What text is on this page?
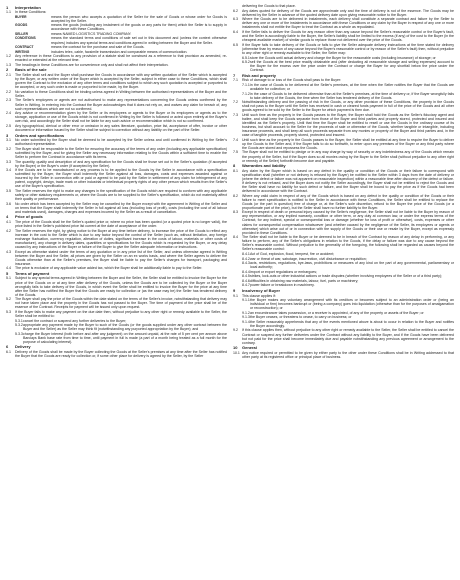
1	Interpretation
1.1	In these Conditions:
BUYER	means the person who accepts a quotation of the Seller for the sale of Goods or whose order for Goods is accepted by the Seller.
GOODS	means the goods (including any instalment of the goods or any parts for them) which the Seller is to supply in accordance with these Conditions.
SELLER	means NAMED LOGISTICS TRADING COMPANY.
CONDITIONS	means the standard terms and conditions of sale set out in this document and (unless the context otherwise requires) includes any special terms and conditions agreed in writing between the Buyer and the Seller.
CONTRACT	means the contract for the purchase and sale of the Goods.
WRITING	includes telex, cable, facsimile transmission and comparable means of communication.
1.2	Any reference in these Conditions to any provision of a statute shall be construed as a reference to that provision as amended, re-enacted or extended at the relevant time.
1.3	The headings in these Conditions are for convenience only and shall not affect their interpretation.
2	Basis of the sale
2.1	The Seller shall sell and the Buyer shall purchase the Goods in accordance with any written quotation of the Seller which is accepted by the Buyer, or any written order of the Buyer which is accepted by the Seller, subject in either case to these Conditions, which shall govern the Contract to the exclusion of any other terms and conditions subject to which any such quotation is accepted or purported to be accepted, or any such order is made or purported to be made, by the Buyer.
2.2	No variation to these Conditions shall be binding unless agreed in Writing between the authorised representatives of the Buyer and the Seller.
2.3	The Seller's employees or agents are not authorised to make any representations concerning the Goods unless confirmed by the Seller in Writing. In entering into the Contract the Buyer acknowledges that it does not rely on, and waives any claim for breach of, any such representations which are not so confirmed.
2.4	Any advice or recommendation given by the Seller or its employees or agents to the Buyer or its employees or agents as to the storage, application or use of the Goods which is not confirmed in Writing by the Seller is followed or acted upon entirely at the Buyer's own risk, and accordingly the Seller shall not be liable for any such advice or recommendation which is not so confirmed.
2.5	Any typographical, clerical or other error or omission in any sales literature, quotation, price list, acceptance of offer, invoice or other document or information issued by the Seller shall be subject to correction without any liability on the part of the Seller.
3	Orders and specifications
3.1	No order submitted by the Buyer shall be deemed to be accepted by the Seller unless and until confirmed in Writing by the Seller's authorised representative.
3.2	The Buyer shall be responsible to the Seller for ensuring the accuracy of the terms of any order (including any applicable specification) submitted by the Buyer, and for giving the Seller any necessary information relating to the Goods within a sufficient time to enable the Seller to perform the Contract in accordance with its terms.
3.3	The quantity, quality and description of and any specification for the Goods shall be those set out in the Seller's quotation (if accepted by the Buyer) or the Buyer's order (if accepted by the Seller).
3.4	If the Goods are to be manufactured or any process is to be applied to the Goods by the Seller in accordance with a specification submitted by the Buyer, the Buyer shall indemnify the Seller against all loss, damages, costs and expenses awarded against or incurred by the Seller in connection with or paid or agreed to be paid by the Seller in settlement of any claim for infringement of any patent, copyright, design, trade mark or other industrial or intellectual property rights of any other person which results from the Seller's use of the Buyer's specification.
3.5	The Seller reserves the right to make any changes in the specification of the Goods which are required to conform with any applicable safety or other statutory requirements or, where the Goods are to be supplied to the Seller's specification, which do not materially affect their quality or performance.
3.6	No order which has been accepted by the Seller may be cancelled by the Buyer except with the agreement in Writing of the Seller and on terms that the Buyer shall indemnify the Seller in full against all loss (including loss of profit), costs (including the cost of all labour and materials used), damages, charges and expenses incurred by the Seller as a result of cancellation.
4	Price of goods
4.1	The price of the Goods shall be the Seller's quoted price or, where no price has been quoted (or a quoted price is no longer valid), the price listed in the Seller's published price list current at the date of acceptance of the order.
4.2	The Seller reserves the right, by giving notice to the Buyer at any time before delivery, to increase the price of the Goods to reflect any increase in the cost to the Seller which is due to any factor beyond the control of the Seller (such as, without limitation, any foreign exchange fluctuation, currency regulation, alteration of duties, significant increase in the costs of labour, materials or other costs of manufacture), any change in delivery dates, quantities or specifications for the Goods which is requested by the Buyer, or any delay caused by any instructions of the Buyer or failure of the Buyer to give the Seller adequate information or instructions.
4.3	Except as otherwise stated under the terms of any quotation or in any price list of the Seller, and unless otherwise agreed in Writing between the Buyer and the Seller, all prices are given by the Seller on an ex works basis, and where the Seller agrees to deliver the Goods otherwise than at the Seller's premises, the Buyer shall be liable to pay the Seller's charges for transport, packaging and insurance.
4.4	The price is exclusive of any applicable value added tax, which the Buyer shall be additionally liable to pay to the Seller.
5	Terms of payment
5.1	Subject to any special terms agreed in Writing between the Buyer and the Seller, the Seller shall be entitled to invoice the Buyer for the price of the Goods on or at any time after delivery of the Goods, unless the Goods are to be collected by the Buyer or the Buyer wrongfully fails to take delivery of the Goods, in which event the Seller shall be entitled to invoice the Buyer for the price at any time after the Seller has notified the Buyer that the Goods are ready for collection or (as the case may be) the Seller has tendered delivery of the Goods.
5.2	The Buyer shall pay the price of the Goods within the date stated on the terms of the Seller's invoice, notwithstanding that delivery may not have taken place and the property in the Goods has not passed to the Buyer. The time of payment of the price shall be of the essence of the Contract. Receipts for payment will be issued only upon request.
5.3	If the Buyer fails to make any payment on the due date then, without prejudice to any other right or remedy available to the Seller, the Seller shall be entitled to:
5.3.1 cancel the contract or suspend any further deliveries to the Buyer;
5.3.2 appropriate any payment made by the Buyer to such of the Goods (or the goods supplied under any other contract between the Buyer and the Seller) as the Seller may think fit (notwithstanding any purported appropriation by the Buyer); and
5.3.3 charge the Buyer interest (both before and after any judgment) on the amount unpaid, at the rate of 5 per cent per annum above Barclays Bank base rate from time to time, until payment in full is made (a part of a month being treated as a full month for the purpose of calculating interest).
6	Delivery
6.1	Delivery of the Goods shall be made by the Buyer collecting the Goods at the Seller's premises at any time after the Seller has notified the Buyer that the Goods are ready for collection or, if some other place for delivery is agreed by the Seller, by the Seller
delivering the Goods to that place.
6.2	Any dates quoted for delivery of the Goods are approximate only and the time of delivery is not of the essence. The Goods may be delivered by the Seller in advance of the quoted delivery date upon giving reasonable notice to the Buyer.
6.3	Where the Goods are to be delivered in instalments, each delivery shall constitute a separate contract and failure by the Seller to deliver any one or more of the instalments in accordance with these Conditions or any claim by the Buyer in respect of any one or more instalments shall not entitle the Buyer to treat the Contract as a whole as repudiated.
6.4	If the Seller fails to deliver the Goods for any reason other than any cause beyond the Seller's reasonable control or the Buyer's fault, and the Seller is accordingly liable to the Buyer, the Seller's liability shall be limited to the excess (if any) of the cost to the Buyer (in the cheapest available market) of similar goods to replace those not delivered over the price of the Goods.
6.5	If the Buyer fails to take delivery of the Goods or fails to give the Seller adequate delivery instructions at the time stated for delivery (otherwise than by reason of any cause beyond the Buyer's reasonable control or by reason of the Seller's fault) then, without prejudice to any other right or remedy available to the Seller, the Seller may:
6.5.1 store the Goods until actual delivery and charge the Buyer for the reasonable costs (including insurance) of storage; or
6.5.2 sell the Goods at the best price readily obtainable and (after deducting all reasonable storage and selling expenses) account to the Buyer for the excess over the price under the Contract or charge the Buyer for any shortfall below the price under the Contract.
7	Risk and property
7.1	Risk of damage to or loss of the Goods shall pass to the Buyer:
7.1.1 in the case of Goods to be delivered at the Seller's premises, at the time when the Seller notifies the Buyer that the Goods are available for collection; or
7.1.2 in the case of Goods to be delivered otherwise than at the Seller's premises, at the time of delivery or, if the Buyer wrongfully fails to take delivery of the Goods, the time when the Seller has tendered delivery of the Goods.
7.2	Notwithstanding delivery and the passing of risk in the Goods, or any other provision of these Conditions, the property in the Goods shall not pass to the Buyer until the Seller has received in cash or cleared funds payment in full of the price of the Goods and all other goods agreed to be sold by the Seller to the Buyer for which payment is then due.
7.3	Until such time as the property in the Goods passes to the Buyer, the Buyer shall hold the Goods as the Seller's fiduciary agent and bailee, and shall keep the Goods separate from those of the Buyer and third parties and properly stored, protected and insured and identified as the Seller's property. Until that time the Buyer shall be entitled to resell or use the Goods in the ordinary course of its business, but shall account to the Seller for the proceeds of sale or otherwise of the Goods, whether tangible or intangible, including insurance proceeds, and shall keep all such proceeds separate from any monies or property of the Buyer and third parties and, in the case of tangible proceeds, properly stored, protected and insured.
7.4	Until such time as the property in the Goods passes to the Buyer, the Seller shall be entitled at any time to require the Buyer to deliver up the Goods to the Seller and, if the Buyer fails to do so forthwith, to enter upon any premises of the Buyer or any third party where the Goods are stored and repossess the Goods.
7.5	The Buyer shall not be entitled to pledge or in any way charge by way of security or any indebtedness any of the Goods which remain the property of the Seller, but if the Buyer does so all monies owing by the Buyer to the Seller shall (without prejudice to any other right or remedy of the Seller) forthwith become due and payable.
8	Warranties and liability
8.1	Any claim by the Buyer which is based on any defect in the quality or condition of the Goods or their failure to correspond with specification shall (whether or not delivery is refused by the Buyer) be notified to the Seller within 3 days from the date of delivery or (where the defect or failure was not apparent on reasonable inspection) within a reasonable time after discovery of the defect or failure. If delivery is not refused, and the Buyer does not notify the Seller accordingly, the Buyer shall not be entitled to reject the Goods and the Seller shall have no liability for such defect or failure, and the Buyer shall be bound to pay the price as if the Goods had been delivered in accordance with the Contract.
8.2	Where any valid claim in respect of any of the Goods which is based on any defect in the quality or condition of the Goods or their failure to meet specification is notified to the Seller in accordance with these Conditions, the Seller shall be entitled to replace the Goods (or the part in question) free of charge or, at the Seller's sole discretion, refund to the Buyer the price of the Goods (or a proportionate part of the price), but the Seller shall have no further liability to the Buyer.
8.3	Except in respect of death or personal injury caused by the Seller's negligence, the Seller shall not be liable to the Buyer by reason of any representation, or any implied warranty, condition or other term, or any duty at common law, or under the express terms of the Contract, for any indirect, special or consequential loss or damage (whether for loss of profit or otherwise), costs, expenses or other claims for consequential compensation whatsoever (and whether caused by the negligence of the Seller, its employees or agents or otherwise) which arise out of or in connection with the supply of the Goods or their use or resale by the Buyer, except as expressly provided in these Conditions.
8.4	The Seller shall not be liable to the Buyer or be deemed to be in breach of the Contract by reason of any delay in performing, or any failure to perform, any of the Seller's obligations in relation to the Goods, if the delay or failure was due to any cause beyond the Seller's reasonable control. Without prejudice to the generality of the foregoing, the following shall be regarded as causes beyond the Seller's reasonable control:
8.4.1 Act of God, explosion, flood, tempest, fire or accident;
8.4.2 war or threat of war, sabotage, insurrection, civil disturbance or requisition;
8.4.3 acts, restrictions, regulations, bye-laws, prohibitions or measures of any kind on the part of any governmental, parliamentary or local authority;
8.4.4 import or export regulations or embargoes;
8.4.5 strikes, lock-outs or other industrial actions or trade disputes (whether involving employees of the Seller or of a third party);
8.4.6 difficulties in obtaining raw materials, labour, fuel, parts or machinery;
8.4.7 power failure or breakdown in machinery.
9	Insolvency of Buyer
9.1	This clause applies if:
9.1.1 the Buyer makes any voluntary arrangement with its creditors or becomes subject to an administration order or (being an individual or firm) becomes bankrupt or (being a company) goes into liquidation (otherwise than for the purposes of amalgamation or reconstruction); or
9.1.2 an encumbrancer takes possession, or a receiver is appointed, of any of the property or assets of the Buyer; or
9.1.3 the Buyer ceases, or threatens to cease, to carry on business; or
9.1.4 the Seller reasonably apprehends that any of the events mentioned above is about to occur in relation to the Buyer and notifies the Buyer accordingly.
9.2	If this clause applies then, without prejudice to any other right or remedy available to the Seller, the Seller shall be entitled to cancel the Contract or suspend any further deliveries under the Contract without any liability to the Buyer, and if the Goods have been delivered but not paid for the price shall become immediately due and payable notwithstanding any previous agreement or arrangement to the contrary.
10	General
10.1 Any notice required or permitted to be given by either party to the other under these Conditions shall be in Writing addressed to that other party at its registered office or principal place of business.
